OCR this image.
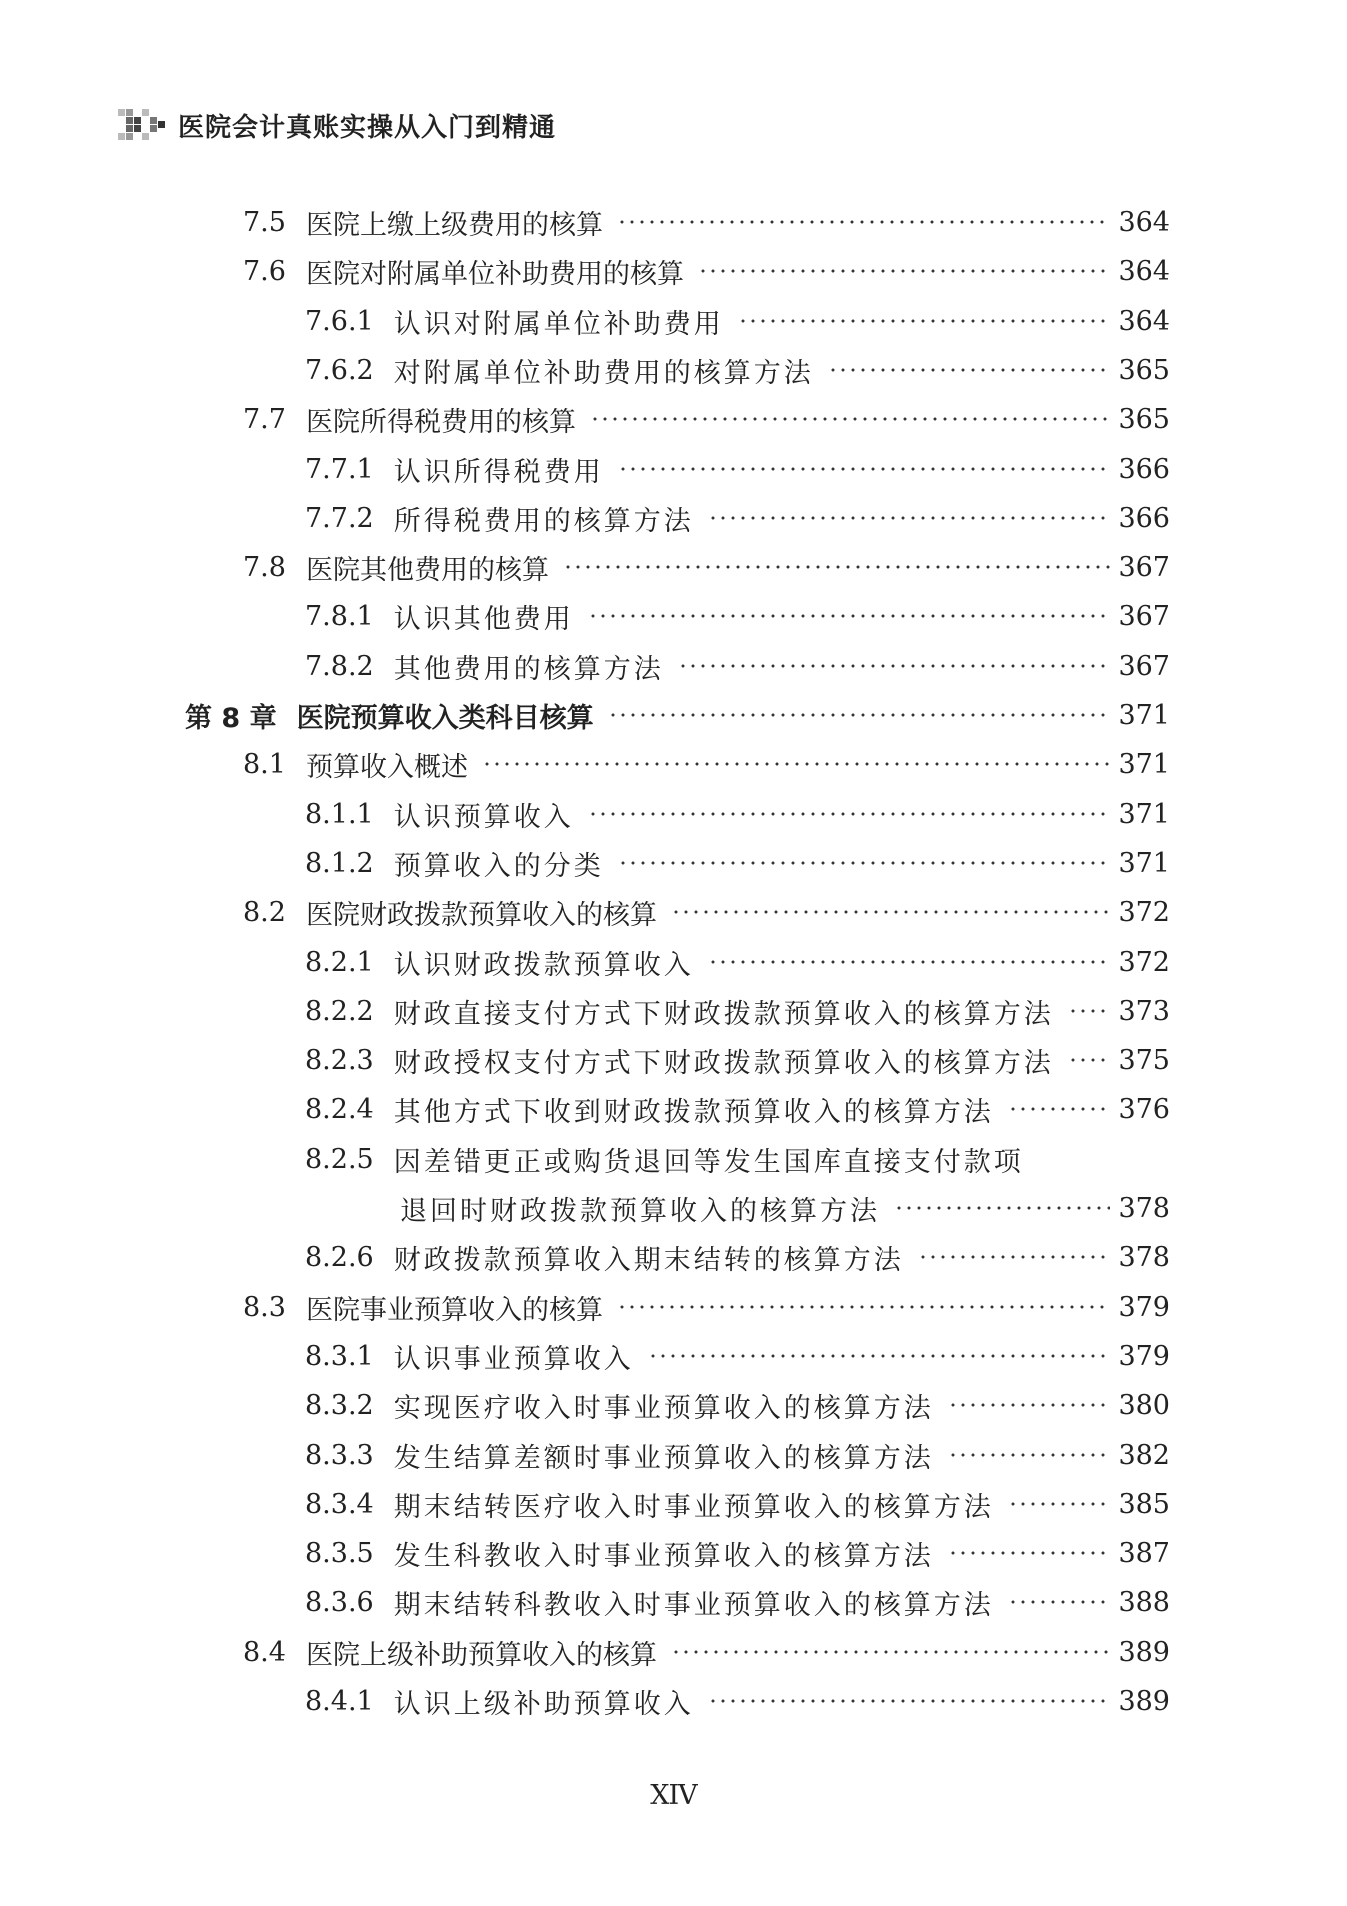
医院会计真账实操从入门到精通
7.5 医院上缴上级费用的核算	364
7.6 医院对附属单位补助费用的核算	364
7.6.1 认识对附属单位补助费用	364
7.6.2 对附属单位补助费用的核算方法	365
7.7 医院所得税费用的核算	365
7.7.1 认识所得税费用	366
7.7.2 所得税费用的核算方法	366
7.8 医院其他费用的核算	367
7.8.1 认识其他费用	367
7.8.2 其他费用的核算方法	367
第 8 章 医院预算收入类科目核算	371
8.1 预算收入概述	371
8.1.1 认识预算收入	371
8.1.2 预算收入的分类	371
8.2 医院财政拨款预算收入的核算	372
8.2.1 认识财政拨款预算收入	372
8.2.2 财政直接支付方式下财政拨款预算收入的核算方法 373
8.2.3 财政授权支付方式下财政拨款预算收入的核算方法 375
8.2.4 其他方式下收到财政拨款预算收入的核算方法	376
8.2.5 因差错更正或购货退回等发生国库直接支付款项
退回时财政拨款预算收入的核算方法	378
8.2.6 财政拨款预算收入期末结转的核算方法	378
8.3 医院事业预算收入的核算	379
8.3.1 认识事业预算收入	379
8.3.2 实现医疗收入时事业预算收入的核算方法	380
8.3.3 发生结算差额时事业预算收入的核算方法	382
8.3.4 期末结转医疗收入时事业预算收入的核算方法	385
8.3.5 发生科教收入时事业预算收入的核算方法	387
8.3.6 期末结转科教收入时事业预算收入的核算方法	388
8.4 医院上级补助预算收入的核算	389
8.4.1 认识上级补助预算收入	389
XIV
